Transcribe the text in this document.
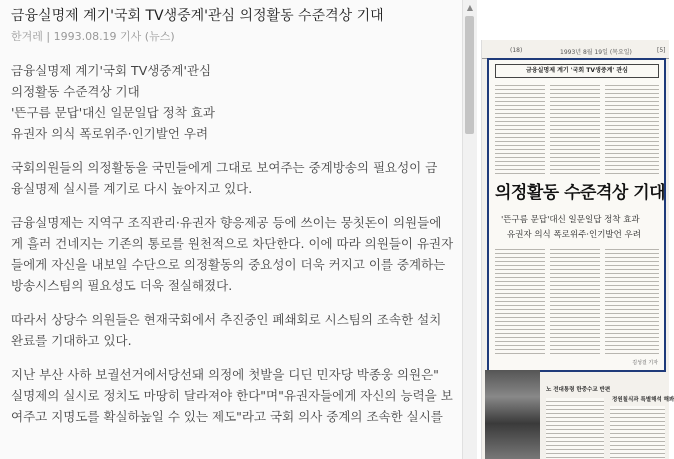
금융실명제 계기'국회 TV생중계'관심 의정활동 수준격상 기대
한겨레 | 1993.08.19 기사 (뉴스)

금융실명제 계기'국회 TV생중계'관심
의정활동 수준격상 기대
'뜬구름 문답'대신 일문일답 정착 효과
유권자 의식 폭로위주·인기발언 우려

국회의원들의 의정활동을 국민들에게 그대로 보여주는 중계방송의 필요성이 금
융실명제 실시를 계기로 다시 높아지고 있다.

금융실명제는 지역구 조직관리·유권자 향응제공 등에 쓰이는 뭉칫돈이 의원들에
게 흘러 건네지는 기존의 통로를 원천적으로 차단한다. 이에 따라 의원들이 유권자
들에게 자신을 내보일 수단으로 의정활동의 중요성이 더욱 커지고 이를 중계하는
방송시스팀의 필요성도 더욱 절실해졌다.

따라서 상당수 의원들은 현재국회에서 추진중인 폐쇄회로 시스팀의 조속한 설치
완료를 기대하고 있다.

지난 부산 사하 보궐선거에서당선돼 의정에 첫발을 디딘 민자당 박종웅 의원은"
실명제의 실시로 정치도 마땅히 달라져야 한다"며"유권자들에게 자신의 능력을 보
여주고 지명도를 확실하높일 수 있는 제도"라고 국회 의사 중계의 조속한 실시를

▲
(18)	1993년 8월 19일 (목요일)	[5]
금융실명제 계기 '국회 TV생중계' 관심
의정활동 수준격상 기대
'뜬구름 문답'대신 일문일답 정착 효과
유권자 의식 폭로위주·인기발언 우려
김성걸 기자
노 전대통령 한중수교 반편
정원칠식과 특별해석 해봐
